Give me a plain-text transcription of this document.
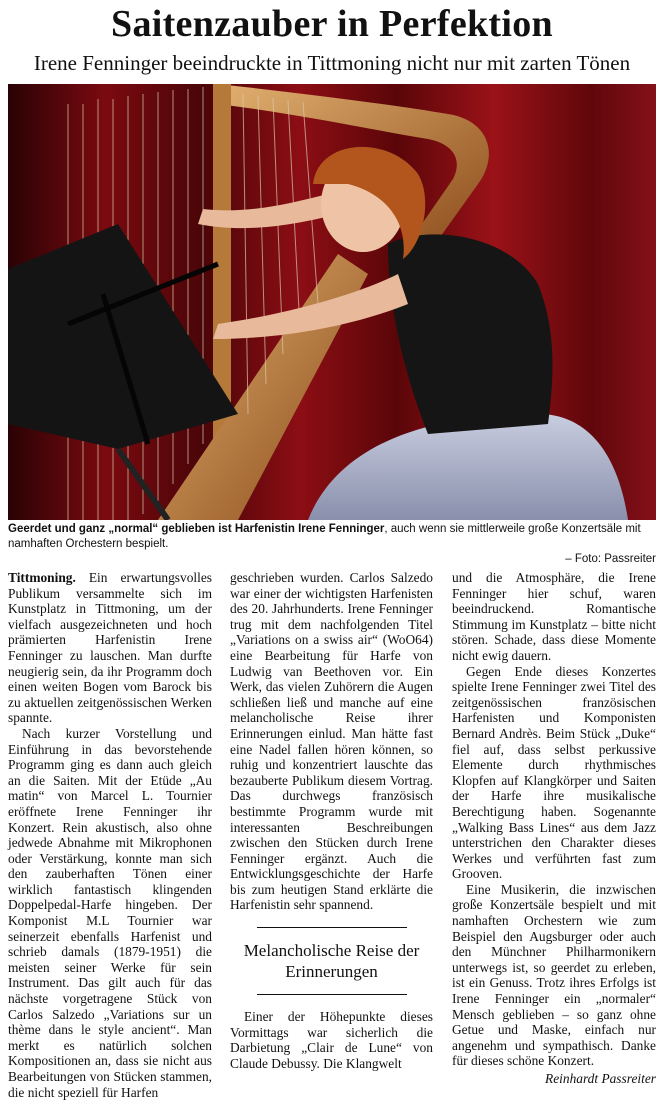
Saitenzauber in Perfektion
Irene Fenninger beeindruckte in Tittmoning nicht nur mit zarten Tönen
Geerdet und ganz „normal“ geblieben ist Harfenistin Irene Fenninger, auch wenn sie mittlerweile große Konzertsäle mit namhaften Orchestern bespielt.
– Foto: Passreiter

Tittmoning. Ein erwartungsvolles Publikum versammelte sich im Kunstplatz in Tittmoning, um der vielfach ausgezeichneten und hoch prämierten Harfenistin Irene Fenninger zu lauschen. Man durfte neugierig sein, da ihr Programm doch einen weiten Bogen vom Barock bis zu aktuellen zeitgenössischen Werken spannte.

Nach kurzer Vorstellung und Einführung in das bevorstehende Programm ging es dann auch gleich an die Saiten. Mit der Etüde „Au matin“ von Marcel L. Tournier eröffnete Irene Fenninger ihr Konzert. Rein akustisch, also ohne jedwede Abnahme mit Mikrophonen oder Verstärkung, konnte man sich den zauberhaften Tönen einer wirklich fantastisch klingenden Doppelpedal-Harfe hingeben. Der Komponist M.L Tournier war seinerzeit ebenfalls Harfenist und schrieb damals (1879-1951) die meisten seiner Werke für sein Instrument. Das gilt auch für das nächste vorgetragene Stück von Carlos Salzedo „Variations sur un thème dans le style ancient“. Man merkt es natürlich solchen Kompositionen an, dass sie nicht aus Bearbeitungen von Stücken stammen, die nicht speziell für Harfen

geschrieben wurden. Carlos Salzedo war einer der wichtigsten Harfenisten des 20. Jahrhunderts. Irene Fenninger trug mit dem nachfolgenden Titel „Variations on a swiss air“ (WoO64) eine Bearbeitung für Harfe von Ludwig van Beethoven vor. Ein Werk, das vielen Zuhörern die Augen schließen ließ und manche auf eine melancholische Reise ihrer Erinnerungen einlud. Man hätte fast eine Nadel fallen hören können, so ruhig und konzentriert lauschte das bezauberte Publikum diesem Vortrag. Das durchwegs französisch bestimmte Programm wurde mit interessanten Beschreibungen zwischen den Stücken durch Irene Fenninger ergänzt. Auch die Entwicklungsgeschichte der Harfe bis zum heutigen Stand erklärte die Harfenistin sehr spannend.

Melancholische Reise der Erinnerungen

Einer der Höhepunkte dieses Vormittags war sicherlich die Darbietung „Clair de Lune“ von Claude Debussy. Die Klangwelt

und die Atmosphäre, die Irene Fenninger hier schuf, waren beeindruckend. Romantische Stimmung im Kunstplatz – bitte nicht stören. Schade, dass diese Momente nicht ewig dauern.

Gegen Ende dieses Konzertes spielte Irene Fenninger zwei Titel des zeitgenössischen französischen Harfenisten und Komponisten Bernard Andrès. Beim Stück „Duke“ fiel auf, dass selbst perkussive Elemente durch rhythmisches Klopfen auf Klangkörper und Saiten der Harfe ihre musikalische Berechtigung haben. Sogenannte „Walking Bass Lines“ aus dem Jazz unterstrichen den Charakter dieses Werkes und verführten fast zum Grooven.

Eine Musikerin, die inzwischen große Konzertsäle bespielt und mit namhaften Orchestern wie zum Beispiel den Augsburger oder auch den Münchner Philharmonikern unterwegs ist, so geerdet zu erleben, ist ein Genuss. Trotz ihres Erfolgs ist Irene Fenninger ein „normaler“ Mensch geblieben – so ganz ohne Getue und Maske, einfach nur angenehm und sympathisch. Danke für dieses schöne Konzert.

Reinhardt Passreiter
